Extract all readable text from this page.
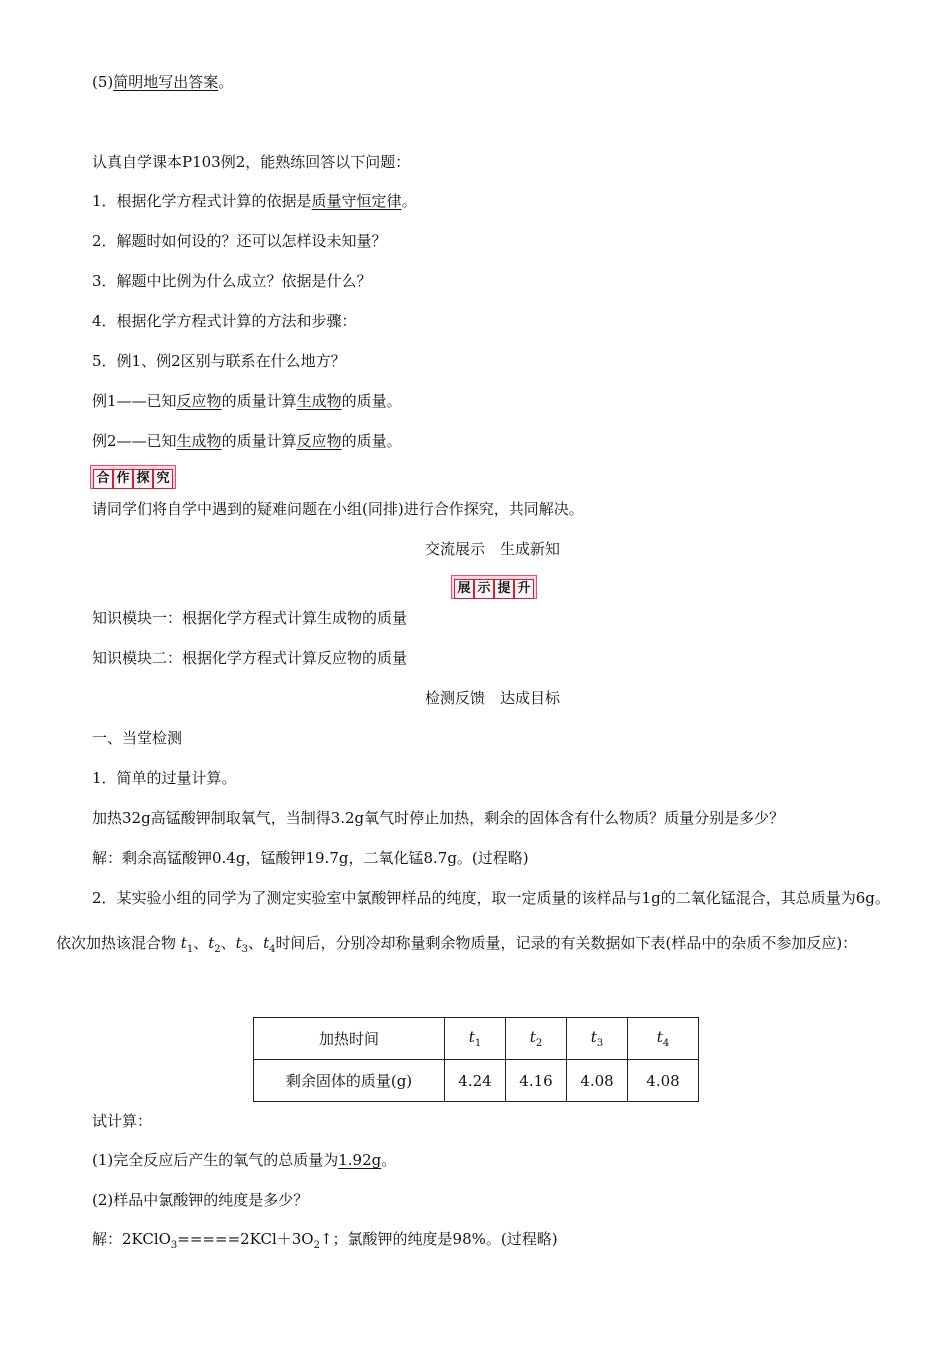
(5)简明地写出答案。
认真自学课本P103例2，能熟练回答以下问题：
1．根据化学方程式计算的依据是质量守恒定律。
2．解题时如何设的？还可以怎样设未知量？
3．解题中比例为什么成立？依据是什么？
4．根据化学方程式计算的方法和步骤：
5．例1、例2区别与联系在什么地方？
例1——已知反应物的质量计算生成物的质量。
例2——已知生成物的质量计算反应物的质量。
合 作 探 究
请同学们将自学中遇到的疑难问题在小组(同排)进行合作探究，共同解决。
交流展示　生成新知
展 示 提 升
知识模块一：根据化学方程式计算生成物的质量
知识模块二：根据化学方程式计算反应物的质量
检测反馈　达成目标
一、当堂检测
1．简单的过量计算。
加热32g高锰酸钾制取氧气，当制得3.2g氧气时停止加热，剩余的固体含有什么物质？质量分别是多少？
解：剩余高锰酸钾0.4g，锰酸钾19.7g，二氧化锰8.7g。(过程略)
2．某实验小组的同学为了测定实验室中氯酸钾样品的纯度，取一定质量的该样品与1g的二氧化锰混合，其总质量为6g。依次加热该混合物 $t_1$、$t_2$、$t_3$、$t_4$时间后，分别冷却称量剩余物质量，记录的有关数据如下表(样品中的杂质不参加反应)：
加热时间	$t_1$	$t_2$	$t_3$	$t_4$
剩余固体的质量(g)	4.24	4.16	4.08	4.08
试计算：
(1)完全反应后产生的氧气的总质量为1.92g。
(2)样品中氯酸钾的纯度是多少？
解：$2KClO_3=====2KCl+3O_2↑$；氯酸钾的纯度是98%。(过程略)
